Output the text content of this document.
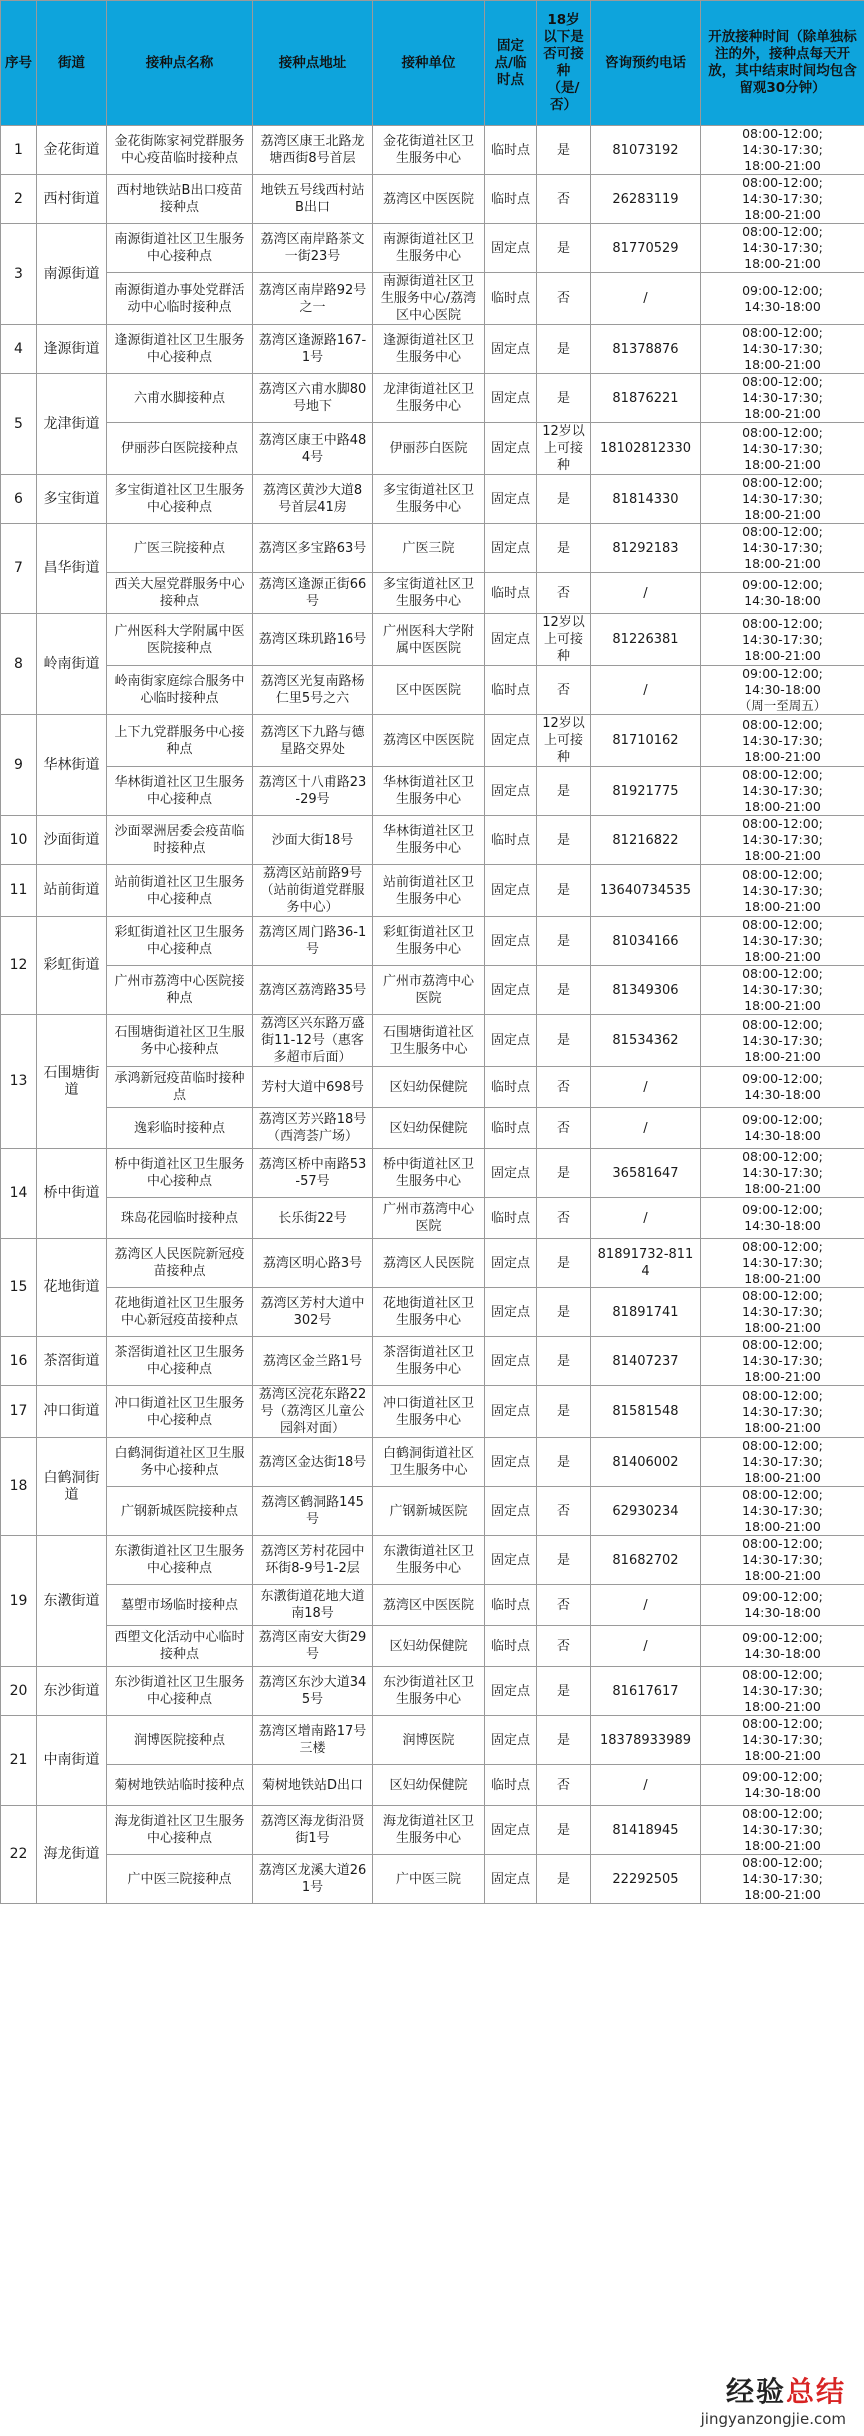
序号	街道	接种点名称	接种点地址	接种单位	固定点/临时点	18岁以下是否可接种（是/否）	咨询预约电话	开放接种时间（除单独标注的外，接种点每天开放，其中结束时间均包含留观30分钟）
1	金花街道	金花街陈家祠党群服务中心疫苗临时接种点	荔湾区康王北路龙塘西街8号首层	金花街道社区卫生服务中心	临时点	是	81073192	08:00-12:00;
14:30-17:30;
18:00-21:00
2	西村街道	西村地铁站B出口疫苗接种点	地铁五号线西村站B出口	荔湾区中医医院	临时点	否	26283119	08:00-12:00;
14:30-17:30;
18:00-21:00
3	南源街道	南源街道社区卫生服务中心接种点	荔湾区南岸路茶文一街23号	南源街道社区卫生服务中心	固定点	是	81770529	08:00-12:00;
14:30-17:30;
18:00-21:00
		南源街道办事处党群活动中心临时接种点	荔湾区南岸路92号之一	南源街道社区卫生服务中心/荔湾区中心医院	临时点	否	/	09:00-12:00;
14:30-18:00
4	逢源街道	逢源街道社区卫生服务中心接种点	荔湾区逢源路167-1号	逢源街道社区卫生服务中心	固定点	是	81378876	08:00-12:00;
14:30-17:30;
18:00-21:00
5	龙津街道	六甫水脚接种点	荔湾区六甫水脚80号地下	龙津街道社区卫生服务中心	固定点	是	81876221	08:00-12:00;
14:30-17:30;
18:00-21:00
		伊丽莎白医院接种点	荔湾区康王中路484号	伊丽莎白医院	固定点	12岁以上可接种	18102812330	08:00-12:00;
14:30-17:30;
18:00-21:00
6	多宝街道	多宝街道社区卫生服务中心接种点	荔湾区黄沙大道8号首层41房	多宝街道社区卫生服务中心	固定点	是	81814330	08:00-12:00;
14:30-17:30;
18:00-21:00
7	昌华街道	广医三院接种点	荔湾区多宝路63号	广医三院	固定点	是	81292183	08:00-12:00;
14:30-17:30;
18:00-21:00
		西关大屋党群服务中心接种点	荔湾区逢源正街66号	多宝街道社区卫生服务中心	临时点	否	/	09:00-12:00;
14:30-18:00
8	岭南街道	广州医科大学附属中医医院接种点	荔湾区珠玑路16号	广州医科大学附属中医医院	固定点	12岁以上可接种	81226381	08:00-12:00;
14:30-17:30;
18:00-21:00
		岭南街家庭综合服务中心临时接种点	荔湾区光复南路杨仁里5号之六	区中医医院	临时点	否	/	09:00-12:00;
14:30-18:00
（周一至周五）
9	华林街道	上下九党群服务中心接种点	荔湾区下九路与德星路交界处	荔湾区中医医院	固定点	12岁以上可接种	81710162	08:00-12:00;
14:30-17:30;
18:00-21:00
		华林街道社区卫生服务中心接种点	荔湾区十八甫路23-29号	华林街道社区卫生服务中心	固定点	是	81921775	08:00-12:00;
14:30-17:30;
18:00-21:00
10	沙面街道	沙面翠洲居委会疫苗临时接种点	沙面大街18号	华林街道社区卫生服务中心	临时点	是	81216822	08:00-12:00;
14:30-17:30;
18:00-21:00
11	站前街道	站前街道社区卫生服务中心接种点	荔湾区站前路9号（站前街道党群服务中心）	站前街道社区卫生服务中心	固定点	是	13640734535	08:00-12:00;
14:30-17:30;
18:00-21:00
12	彩虹街道	彩虹街道社区卫生服务中心接种点	荔湾区周门路36-1号	彩虹街道社区卫生服务中心	固定点	是	81034166	08:00-12:00;
14:30-17:30;
18:00-21:00
		广州市荔湾中心医院接种点	荔湾区荔湾路35号	广州市荔湾中心医院	固定点	是	81349306	08:00-12:00;
14:30-17:30;
18:00-21:00
13	石围塘街道	石围塘街道社区卫生服务中心接种点	荔湾区兴东路万盛街11-12号（惠客多超市后面）	石围塘街道社区卫生服务中心	固定点	是	81534362	08:00-12:00;
14:30-17:30;
18:00-21:00
		承鸿新冠疫苗临时接种点	芳村大道中698号	区妇幼保健院	临时点	否	/	09:00-12:00;
14:30-18:00
		逸彩临时接种点	荔湾区芳兴路18号（西湾荟广场）	区妇幼保健院	临时点	否	/	09:00-12:00;
14:30-18:00
14	桥中街道	桥中街道社区卫生服务中心接种点	荔湾区桥中南路53-57号	桥中街道社区卫生服务中心	固定点	是	36581647	08:00-12:00;
14:30-17:30;
18:00-21:00
		珠岛花园临时接种点	长乐街22号	广州市荔湾中心医院	临时点	否	/	09:00-12:00;
14:30-18:00
15	花地街道	荔湾区人民医院新冠疫苗接种点	荔湾区明心路3号	荔湾区人民医院	固定点	是	81891732-8114	08:00-12:00;
14:30-17:30;
18:00-21:00
		花地街道社区卫生服务中心新冠疫苗接种点	荔湾区芳村大道中302号	花地街道社区卫生服务中心	固定点	是	81891741	08:00-12:00;
14:30-17:30;
18:00-21:00
16	茶滘街道	茶滘街道社区卫生服务中心接种点	荔湾区金兰路1号	茶滘街道社区卫生服务中心	固定点	是	81407237	08:00-12:00;
14:30-17:30;
18:00-21:00
17	冲口街道	冲口街道社区卫生服务中心接种点	荔湾区浣花东路22号（荔湾区儿童公园斜对面）	冲口街道社区卫生服务中心	固定点	是	81581548	08:00-12:00;
14:30-17:30;
18:00-21:00
18	白鹤洞街道	白鹤洞街道社区卫生服务中心接种点	荔湾区金达街18号	白鹤洞街道社区卫生服务中心	固定点	是	81406002	08:00-12:00;
14:30-17:30;
18:00-21:00
		广钢新城医院接种点	荔湾区鹤洞路145号	广钢新城医院	固定点	否	62930234	08:00-12:00;
14:30-17:30;
18:00-21:00
19	东漖街道	东漖街道社区卫生服务中心接种点	荔湾区芳村花园中环街8-9号1-2层	东漖街道社区卫生服务中心	固定点	是	81682702	08:00-12:00;
14:30-17:30;
18:00-21:00
		墓塱市场临时接种点	东漖街道花地大道南18号	荔湾区中医医院	临时点	否	/	09:00-12:00;
14:30-18:00
		西塱文化活动中心临时接种点	荔湾区南安大街29号	区妇幼保健院	临时点	否	/	09:00-12:00;
14:30-18:00
20	东沙街道	东沙街道社区卫生服务中心接种点	荔湾区东沙大道345号	东沙街道社区卫生服务中心	固定点	是	81617617	08:00-12:00;
14:30-17:30;
18:00-21:00
21	中南街道	润博医院接种点	荔湾区增南路17号三楼	润博医院	固定点	是	18378933989	08:00-12:00;
14:30-17:30;
18:00-21:00
		菊树地铁站临时接种点	菊树地铁站D出口	区妇幼保健院	临时点	否	/	09:00-12:00;
14:30-18:00
22	海龙街道	海龙街道社区卫生服务中心接种点	荔湾区海龙街沿贤街1号	海龙街道社区卫生服务中心	固定点	是	81418945	08:00-12:00;
14:30-17:30;
18:00-21:00
		广中医三院接种点	荔湾区龙溪大道261号	广中医三院	固定点	是	22292505	08:00-12:00;
14:30-17:30;
18:00-21:00
经验总结
jingyanzongjie.com
